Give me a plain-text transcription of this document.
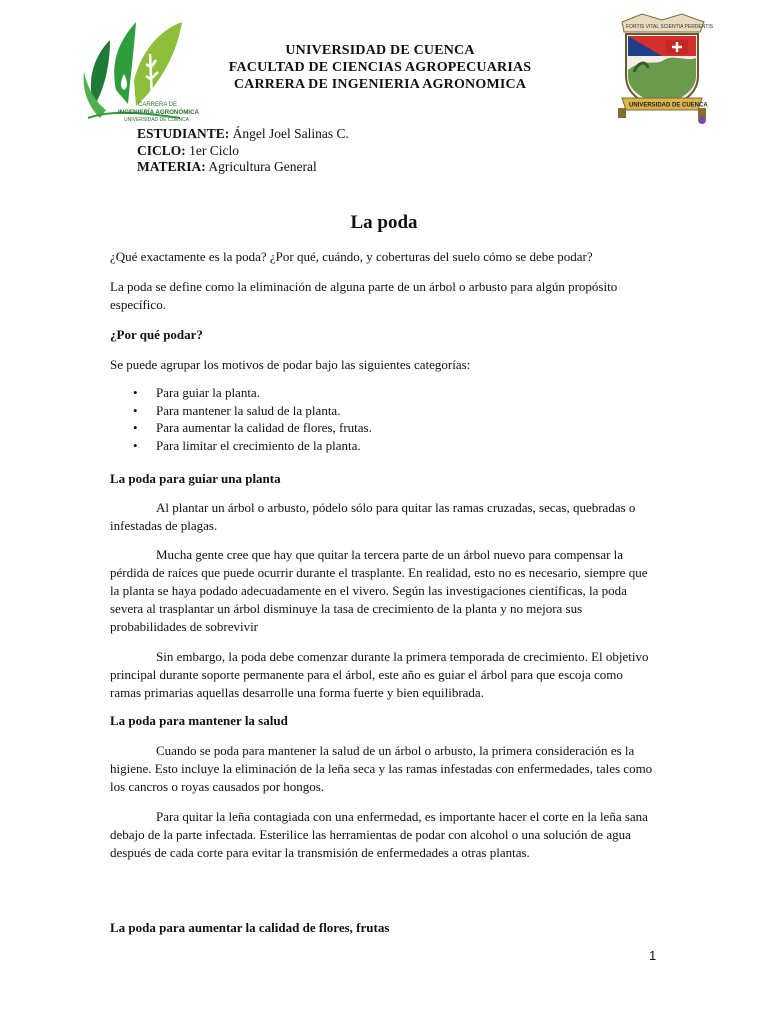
CARRERA DE
INGENIERÍA AGRONÓMICA
UNIVERSIDAD DE CUENCA
FORTIS VITAL SCIENTIA PERDENTIS
UNIVERSIDAD DE CUENCA
UNIVERSIDAD DE CUENCA
FACULTAD DE CIENCIAS AGROPECUARIAS
CARRERA DE INGENIERIA AGRONOMICA
ESTUDIANTE: Ángel Joel Salinas C.
CICLO: 1er Ciclo
MATERIA: Agricultura General
La poda
¿Qué exactamente es la poda? ¿Por qué, cuándo, y coberturas del suelo cómo se debe podar?
La poda se define como la eliminación de alguna parte de un árbol o arbusto para algún propósito específico.
¿Por qué podar?
Se puede agrupar los motivos de podar bajo las siguientes categorías:
• Para guiar la planta.
• Para mantener la salud de la planta.
• Para aumentar la calidad de flores, frutas.
• Para limitar el crecimiento de la planta.
La poda para guiar una planta
Al plantar un árbol o arbusto, pódelo sólo para quitar las ramas cruzadas, secas, quebradas o infestadas de plagas.
Mucha gente cree que hay que quitar la tercera parte de un árbol nuevo para compensar la pérdida de raíces que puede ocurrir durante el trasplante. En realidad, esto no es necesario, siempre que la planta se haya podado adecuadamente en el vivero. Según las investigaciones científicas, la poda severa al trasplantar un árbol disminuye la tasa de crecimiento de la planta y no mejora sus probabilidades de sobrevivir
Sin embargo, la poda debe comenzar durante la primera temporada de crecimiento. El objetivo principal durante soporte permanente para el árbol, este año es guiar el árbol para que escoja como ramas primarias aquellas desarrolle una forma fuerte y bien equilibrada.
La poda para mantener la salud
Cuando se poda para mantener la salud de un árbol o arbusto, la primera consideración es la higiene. Esto incluye la eliminación de la leña seca y las ramas infestadas con enfermedades, tales como los cancros o royas causados por hongos.
Para quitar la leña contagiada con una enfermedad, es importante hacer el corte en la leña sana debajo de la parte infectada. Esterilice las herramientas de podar con alcohol o una solución de agua después de cada corte para evitar la transmisión de enfermedades a otras plantas.
La poda para aumentar la calidad de flores, frutas
1
